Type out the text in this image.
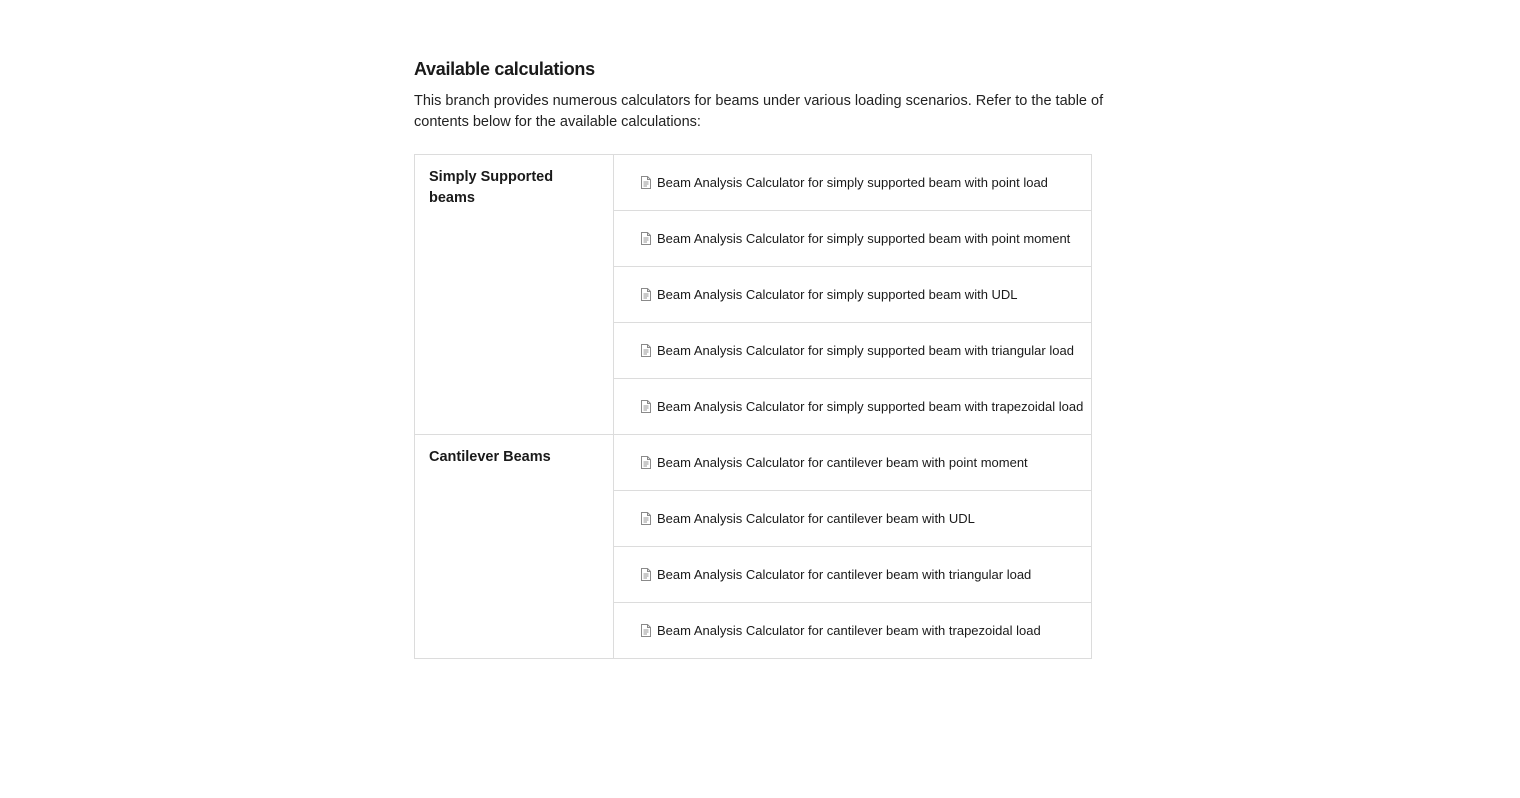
Available calculations

This branch provides numerous calculators for beams under various loading scenarios. Refer to the table of contents below for the available calculations:

Simply Supported beams	Beam Analysis Calculator for simply supported beam with point load

	Beam Analysis Calculator for simply supported beam with point moment

	Beam Analysis Calculator for simply supported beam with UDL

	Beam Analysis Calculator for simply supported beam with triangular load

	Beam Analysis Calculator for simply supported beam with trapezoidal load

Cantilever Beams	Beam Analysis Calculator for cantilever beam with point moment

	Beam Analysis Calculator for cantilever beam with UDL

	Beam Analysis Calculator for cantilever beam with triangular load

	Beam Analysis Calculator for cantilever beam with trapezoidal load
